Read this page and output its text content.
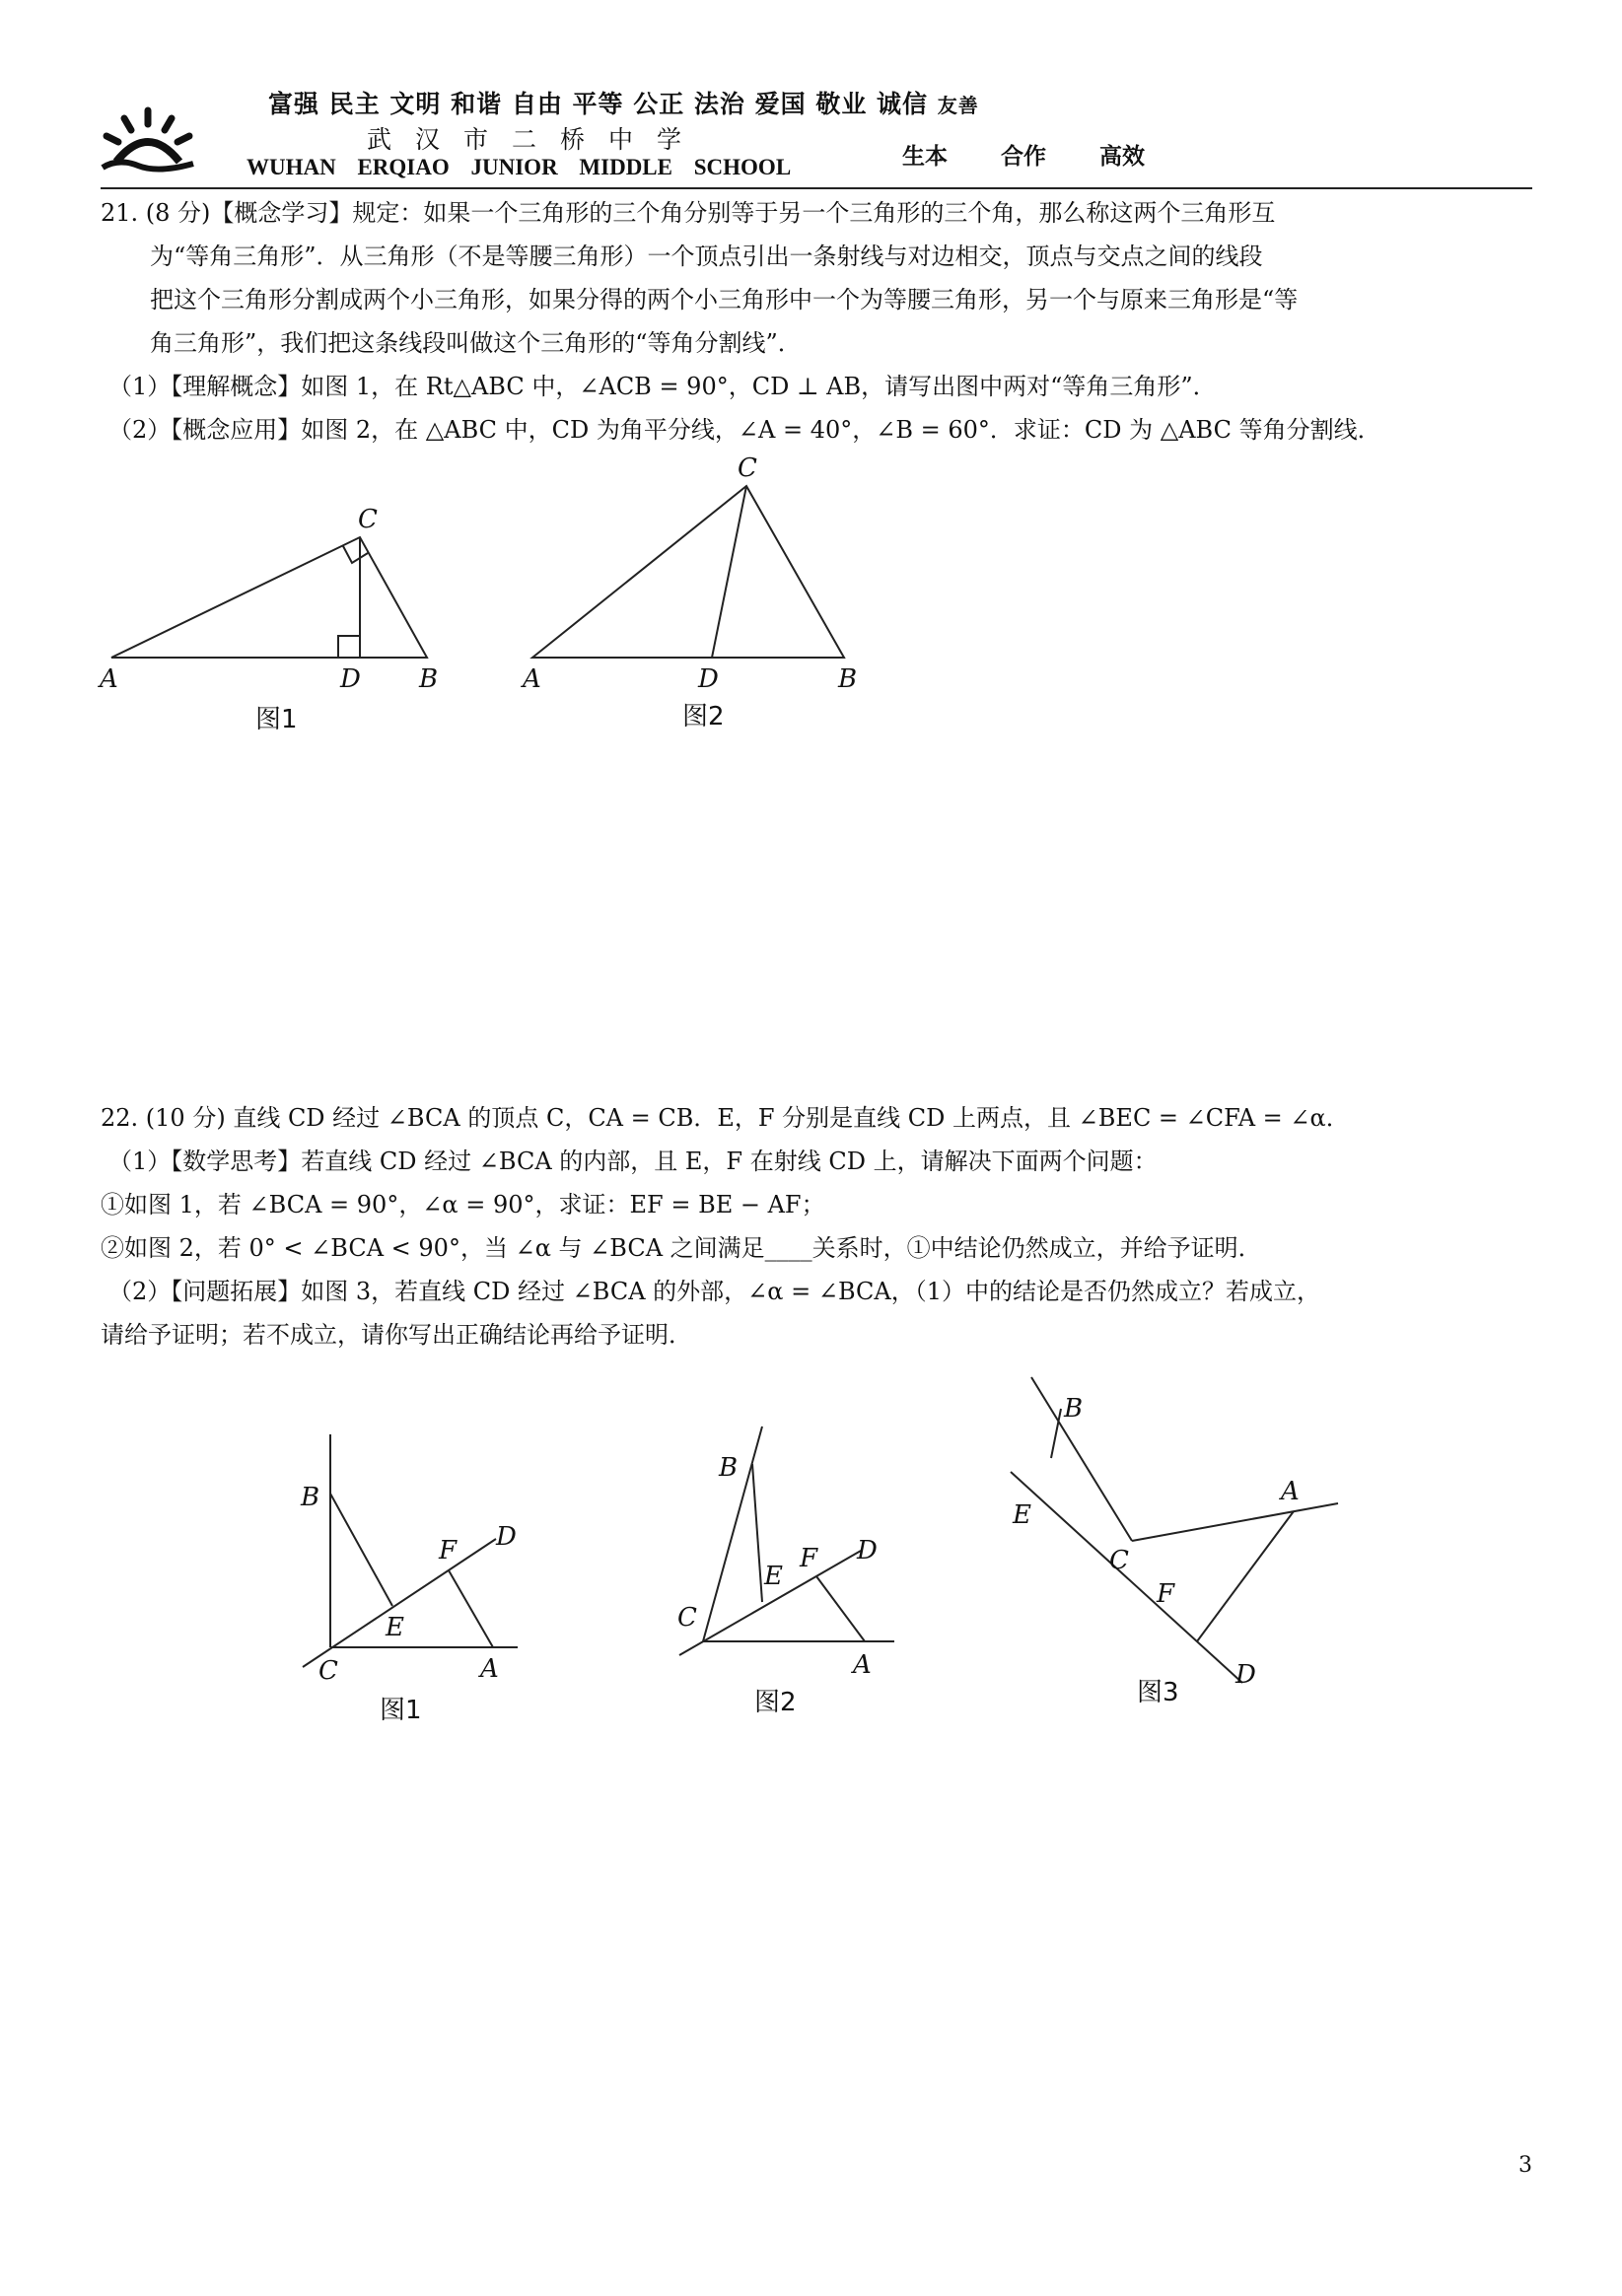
富强 民主 文明 和谐 自由 平等 公正 法治 爱国 敬业 诚信 友善
武汉市二桥中学
WUHAN ERQIAO JUNIOR MIDDLE SCHOOL	生本 合作 高效
21. (8 分)【概念学习】规定：如果一个三角形的三个角分别等于另一个三角形的三个角，那么称这两个三角形互
为“等角三角形”．从三角形（不是等腰三角形）一个顶点引出一条射线与对边相交，顶点与交点之间的线段
把这个三角形分割成两个小三角形，如果分得的两个小三角形中一个为等腰三角形，另一个与原来三角形是“等
角三角形”，我们把这条线段叫做这个三角形的“等角分割线”．
（1）【理解概念】如图 1，在 Rt△ABC 中，∠ACB = 90°，CD ⊥ AB，请写出图中两对“等角三角形”．
（2）【概念应用】如图 2，在 △ABC 中，CD 为角平分线，∠A = 40°，∠B = 60°．求证：CD 为 △ABC 等角分割线．
C
A	D B
图1
C
A	D	B
图2
22. (10 分) 直线 CD 经过 ∠BCA 的顶点 C，CA = CB．E，F 分别是直线 CD 上两点，且 ∠BEC = ∠CFA = ∠α．
（1）【数学思考】若直线 CD 经过 ∠BCA 的内部，且 E，F 在射线 CD 上，请解决下面两个问题：
①如图 1，若 ∠BCA = 90°，∠α = 90°，求证：EF = BE − AF；
②如图 2，若 0° < ∠BCA < 90°，当 ∠α 与 ∠BCA 之间满足____关系时，①中结论仍然成立，并给予证明．
（2）【问题拓展】如图 3，若直线 CD 经过 ∠BCA 的外部，∠α = ∠BCA，（1）中的结论是否仍然成立？若成立，
请给予证明；若不成立，请你写出正确结论再给予证明．
B
F D
E
C	A
图1
B
E
F D
C
A
图2
B
E
A
C
F
D
图3
3
